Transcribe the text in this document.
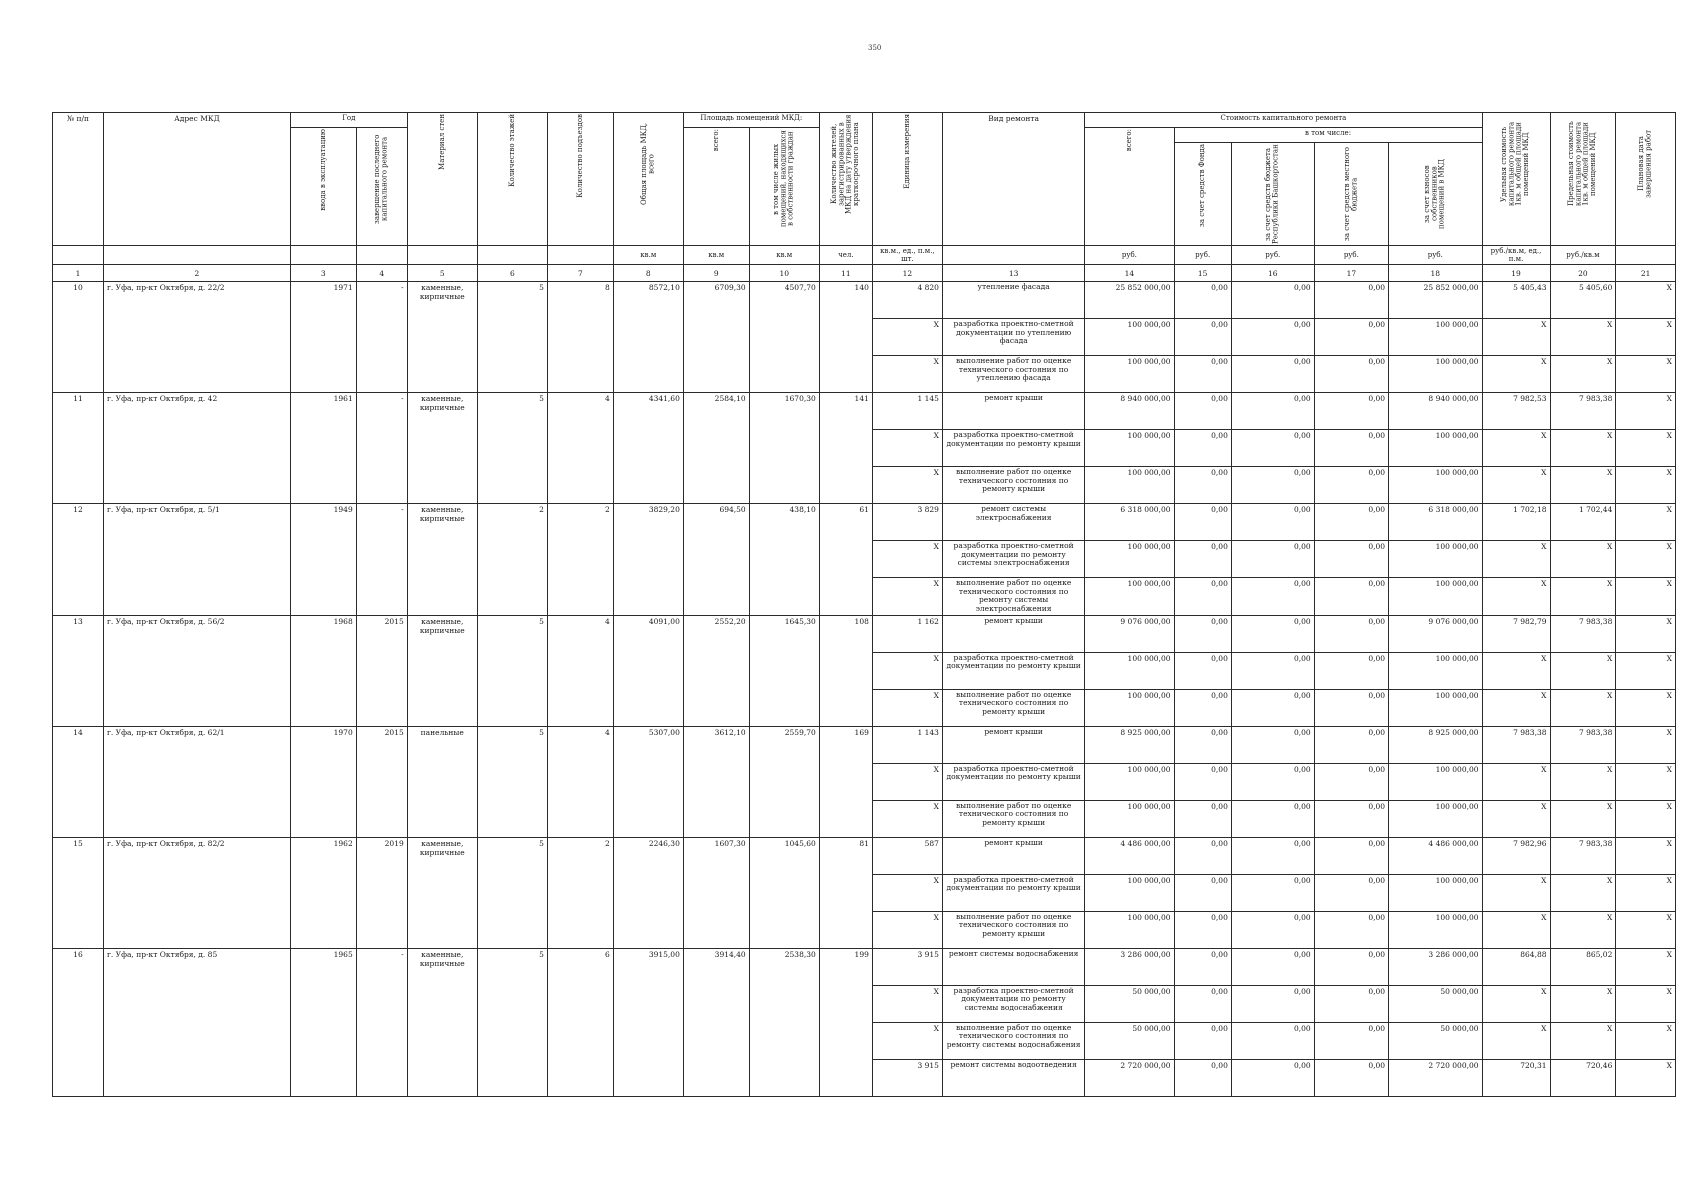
350
№ п/п	Адрес МКД	Год		Материал стен	Количество этажей	Количество подъездов	Общая площадь МКД, всего	Площадь помещений МКД:		Количество жителей, зарегистрированных в МКД на дату утверждения краткосрочного плана	Единица измерения	Вид ремонта	Стоимость капитального ремонта					Удельная стоимость капитального ремонта 1кв. м общей площади помещений МКД	Предельная стоимость капитального ремонта 1кв. м общей площади помещений МКД	Плановая дата завершения работ

		ввода в эксплуатацию	завершение последнего капитального ремонта					всего:	в том числе жилых помещений, находящихся в собственности граждан				всего:	в том числе:						

														за счет средств Фонда	за счет средств бюджета Республики Башкортостан	за счет средств местного бюджета	за счет взносов собственников помещений в МКД			

							кв.м	кв.м	кв.м	чел.	кв.м., ед., п.м., шт.		руб.	руб.	руб.	руб.	руб.	руб./кв.м, ед., п.м.	руб./кв.м	
1	2	3	4	5	6	7	8	9	10	11	12	13	14	15	16	17	18	19	20	21
10	г. Уфа, пр-кт Октября, д. 22/2	1971	-	каменные, кирпичные	5	8	8572,10	6709,30	4507,70	140	4 820	утепление фасада	25 852 000,00	0,00	0,00	0,00	25 852 000,00	5 405,43	5 405,60	X
											X	разработка проектно-сметной документации по утеплению фасада	100 000,00	0,00	0,00	0,00	100 000,00	X	X	X
											X	выполнение работ по оценке технического состояния по утеплению фасада	100 000,00	0,00	0,00	0,00	100 000,00	X	X	X
11	г. Уфа, пр-кт Октября, д. 42	1961	-	каменные, кирпичные	5	4	4341,60	2584,10	1670,30	141	1 145	ремонт крыши	8 940 000,00	0,00	0,00	0,00	8 940 000,00	7 982,53	7 983,38	X
											X	разработка проектно-сметной документации по ремонту крыши	100 000,00	0,00	0,00	0,00	100 000,00	X	X	X
											X	выполнение работ по оценке технического состояния по ремонту крыши	100 000,00	0,00	0,00	0,00	100 000,00	X	X	X
12	г. Уфа, пр-кт Октября, д. 5/1	1949	-	каменные, кирпичные	2	2	3829,20	694,50	438,10	61	3 829	ремонт системы электроснабжения	6 318 000,00	0,00	0,00	0,00	6 318 000,00	1 702,18	1 702,44	X
											X	разработка проектно-сметной документации по ремонту системы электроснабжения	100 000,00	0,00	0,00	0,00	100 000,00	X	X	X
											X	выполнение работ по оценке технического состояния по ремонту системы электроснабжения	100 000,00	0,00	0,00	0,00	100 000,00	X	X	X
13	г. Уфа, пр-кт Октября, д. 56/2	1968	2015	каменные, кирпичные	5	4	4091,00	2552,20	1645,30	108	1 162	ремонт крыши	9 076 000,00	0,00	0,00	0,00	9 076 000,00	7 982,79	7 983,38	X
											X	разработка проектно-сметной документации по ремонту крыши	100 000,00	0,00	0,00	0,00	100 000,00	X	X	X
											X	выполнение работ по оценке технического состояния по ремонту крыши	100 000,00	0,00	0,00	0,00	100 000,00	X	X	X
14	г. Уфа, пр-кт Октября, д. 62/1	1970	2015	панельные	5	4	5307,00	3612,10	2559,70	169	1 143	ремонт крыши	8 925 000,00	0,00	0,00	0,00	8 925 000,00	7 983,38	7 983,38	X
											X	разработка проектно-сметной документации по ремонту крыши	100 000,00	0,00	0,00	0,00	100 000,00	X	X	X
											X	выполнение работ по оценке технического состояния по ремонту крыши	100 000,00	0,00	0,00	0,00	100 000,00	X	X	X
15	г. Уфа, пр-кт Октября, д. 82/2	1962	2019	каменные, кирпичные	5	2	2246,30	1607,30	1045,60	81	587	ремонт крыши	4 486 000,00	0,00	0,00	0,00	4 486 000,00	7 982,96	7 983,38	X
											X	разработка проектно-сметной документации по ремонту крыши	100 000,00	0,00	0,00	0,00	100 000,00	X	X	X
											X	выполнение работ по оценке технического состояния по ремонту крыши	100 000,00	0,00	0,00	0,00	100 000,00	X	X	X
16	г. Уфа, пр-кт Октября, д. 85	1965	-	каменные, кирпичные	5	6	3915,00	3914,40	2538,30	199	3 915	ремонт системы водоснабжения	3 286 000,00	0,00	0,00	0,00	3 286 000,00	864,88	865,02	X
											X	разработка проектно-сметной документации по ремонту системы водоснабжения	50 000,00	0,00	0,00	0,00	50 000,00	X	X	X
											X	выполнение работ по оценке технического состояния по ремонту системы водоснабжения	50 000,00	0,00	0,00	0,00	50 000,00	X	X	X
											3 915	ремонт системы водоотведения	2 720 000,00	0,00	0,00	0,00	2 720 000,00	720,31	720,46	X
